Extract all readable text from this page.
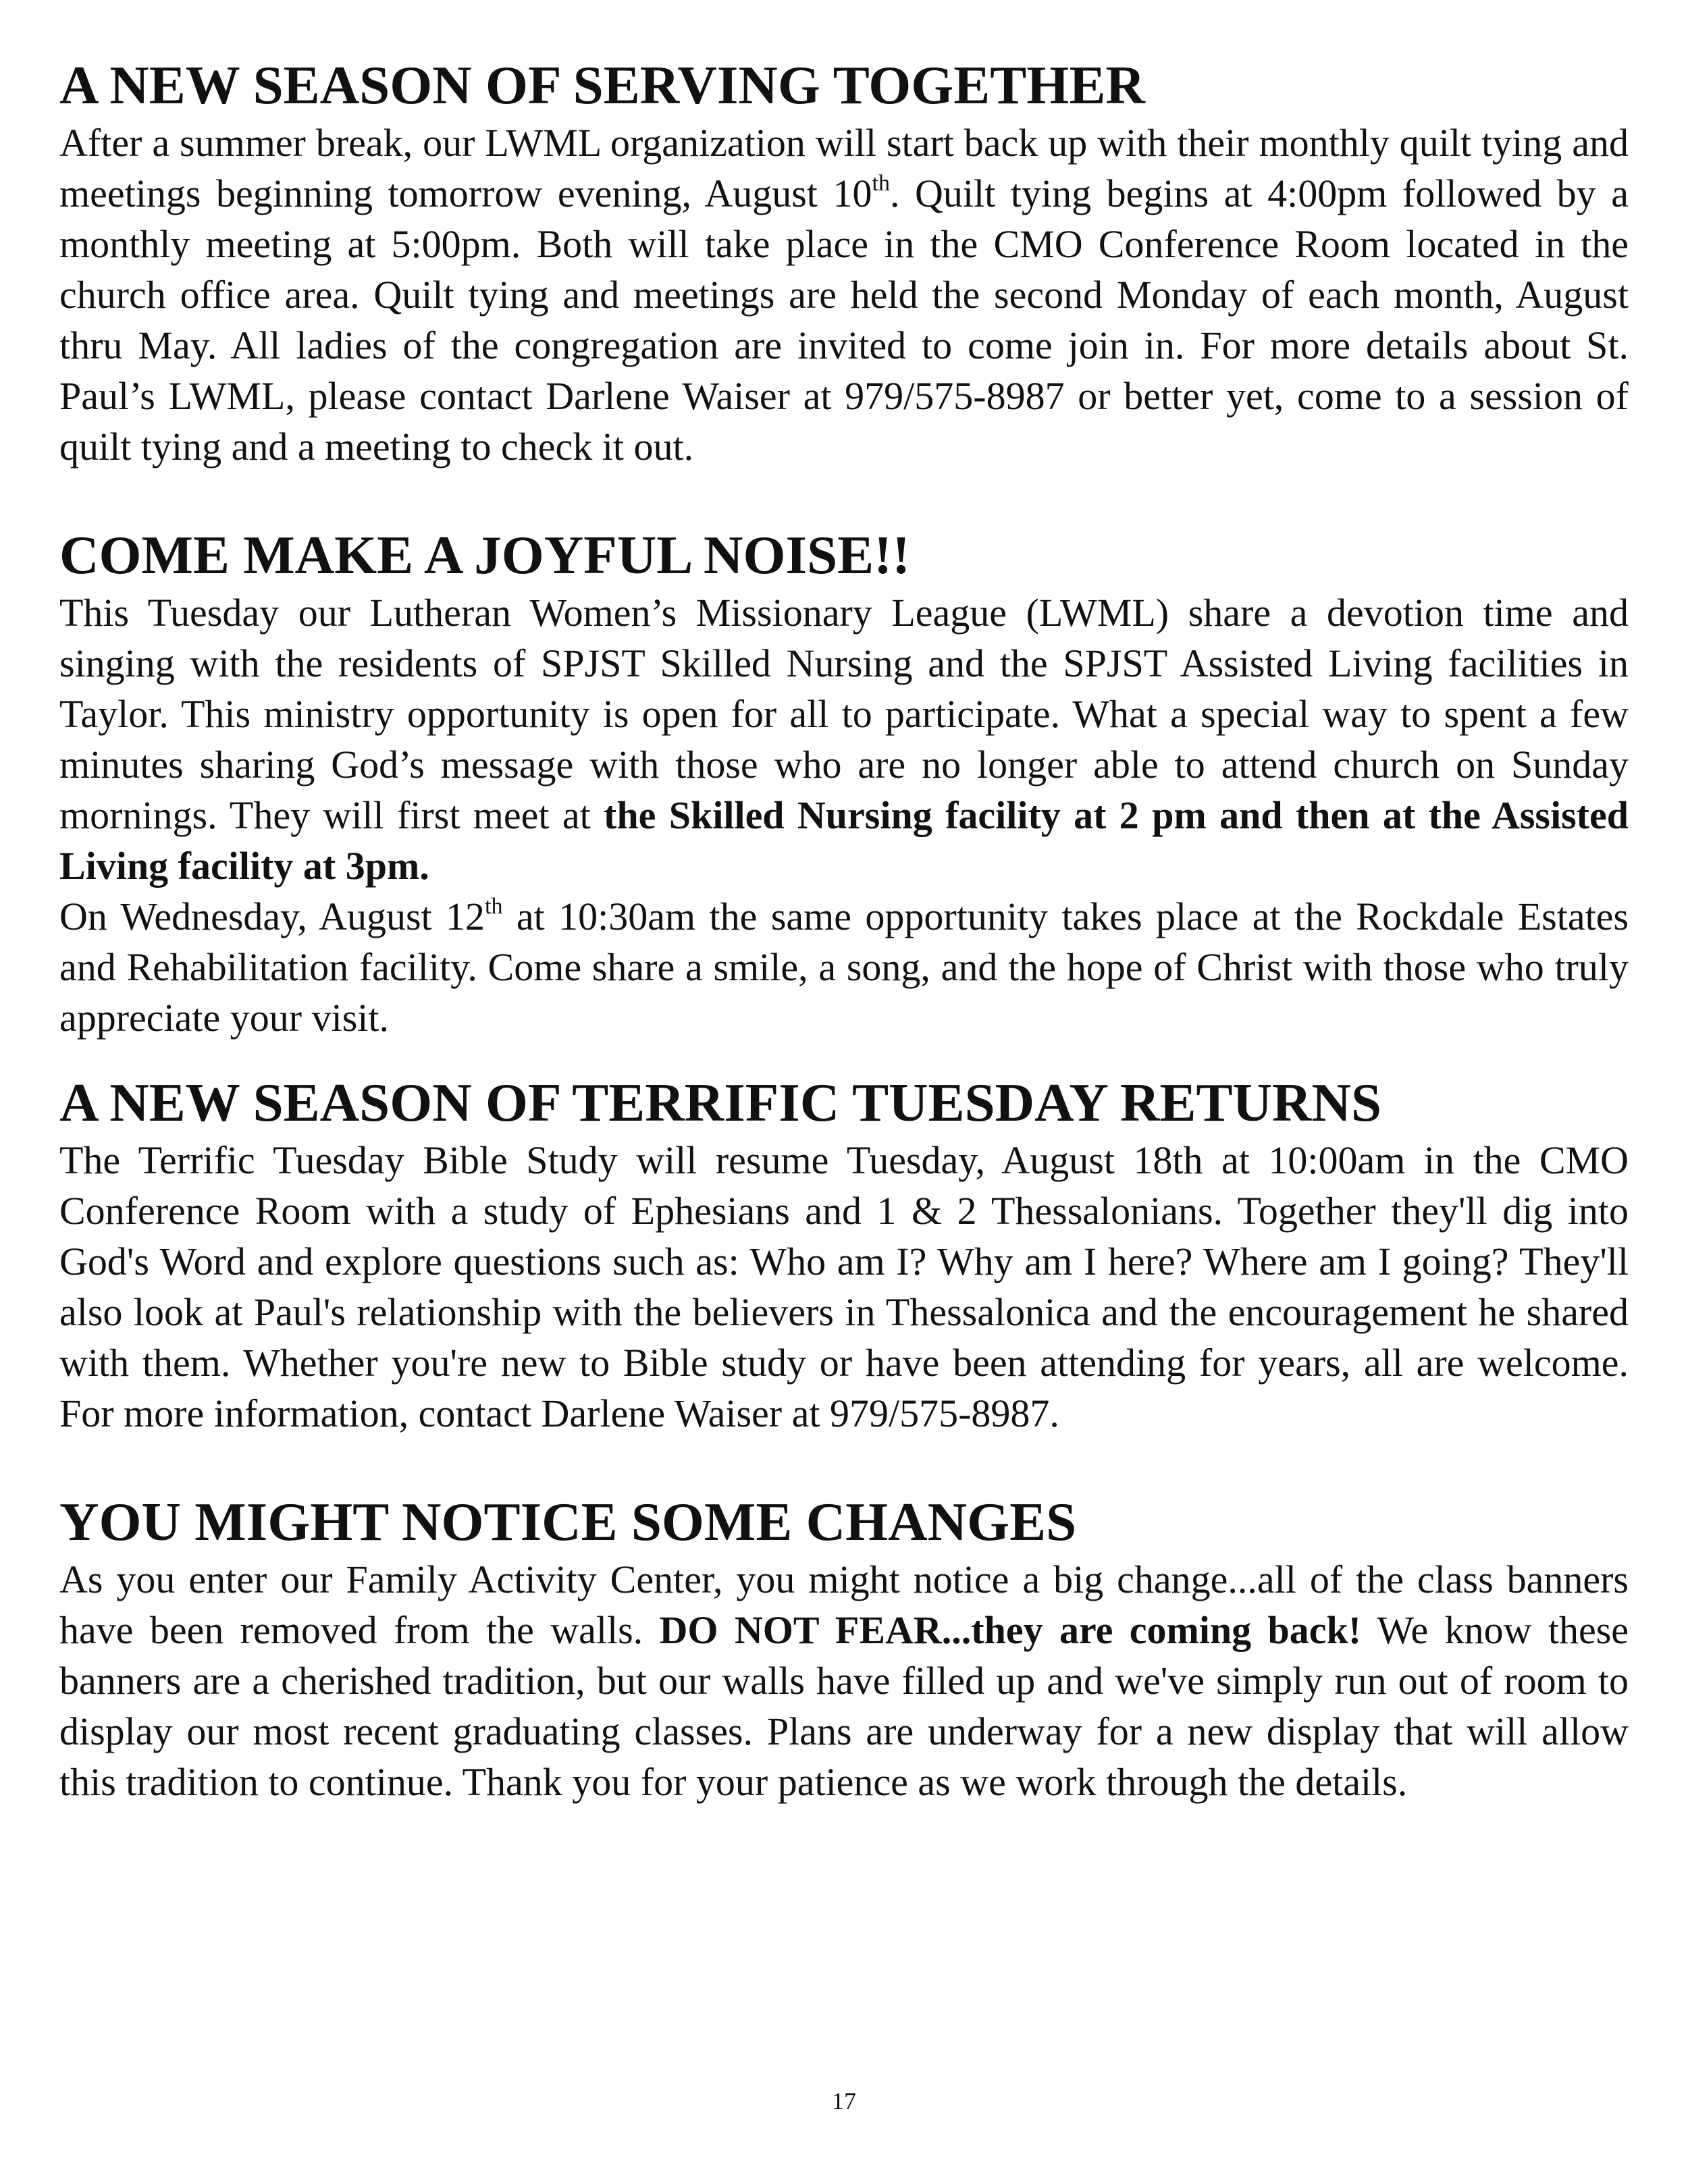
A NEW SEASON OF SERVING TOGETHER

After a summer break, our LWML organization will start back up with their monthly quilt tying and meetings beginning tomorrow evening, August 10th. Quilt tying begins at 4:00pm followed by a monthly meeting at 5:00pm. Both will take place in the CMO Conference Room located in the church office area. Quilt tying and meetings are held the second Monday of each month, August thru May. All ladies of the congregation are invited to come join in. For more details about St. Paul’s LWML, please contact Darlene Waiser at 979/575-8987 or better yet, come to a session of quilt tying and a meeting to check it out.

COME MAKE A JOYFUL NOISE!!

This Tuesday our Lutheran Women’s Missionary League (LWML) share a devotion time and singing with the residents of SPJST Skilled Nursing and the SPJST Assisted Living facilities in Taylor. This ministry opportunity is open for all to participate. What a special way to spent a few minutes sharing God’s message with those who are no longer able to attend church on Sunday mornings. They will first meet at the Skilled Nursing facility at 2 pm and then at the Assisted Living facility at 3pm.

On Wednesday, August 12th at 10:30am the same opportunity takes place at the Rockdale Estates and Rehabilitation facility. Come share a smile, a song, and the hope of Christ with those who truly appreciate your visit.

A NEW SEASON OF TERRIFIC TUESDAY RETURNS

The Terrific Tuesday Bible Study will resume Tuesday, August 18th at 10:00am in the CMO Conference Room with a study of Ephesians and 1 & 2 Thessalonians. Together they'll dig into God's Word and explore questions such as: Who am I? Why am I here? Where am I going? They'll also look at Paul's relationship with the believers in Thessalonica and the encouragement he shared with them. Whether you're new to Bible study or have been attending for years, all are welcome. For more information, contact Darlene Waiser at 979/575-8987.

YOU MIGHT NOTICE SOME CHANGES

As you enter our Family Activity Center, you might notice a big change...all of the class banners have been removed from the walls. DO NOT FEAR...they are coming back! We know these banners are a cherished tradition, but our walls have filled up and we've simply run out of room to display our most recent graduating classes. Plans are underway for a new display that will allow this tradition to continue. Thank you for your patience as we work through the details.

17
